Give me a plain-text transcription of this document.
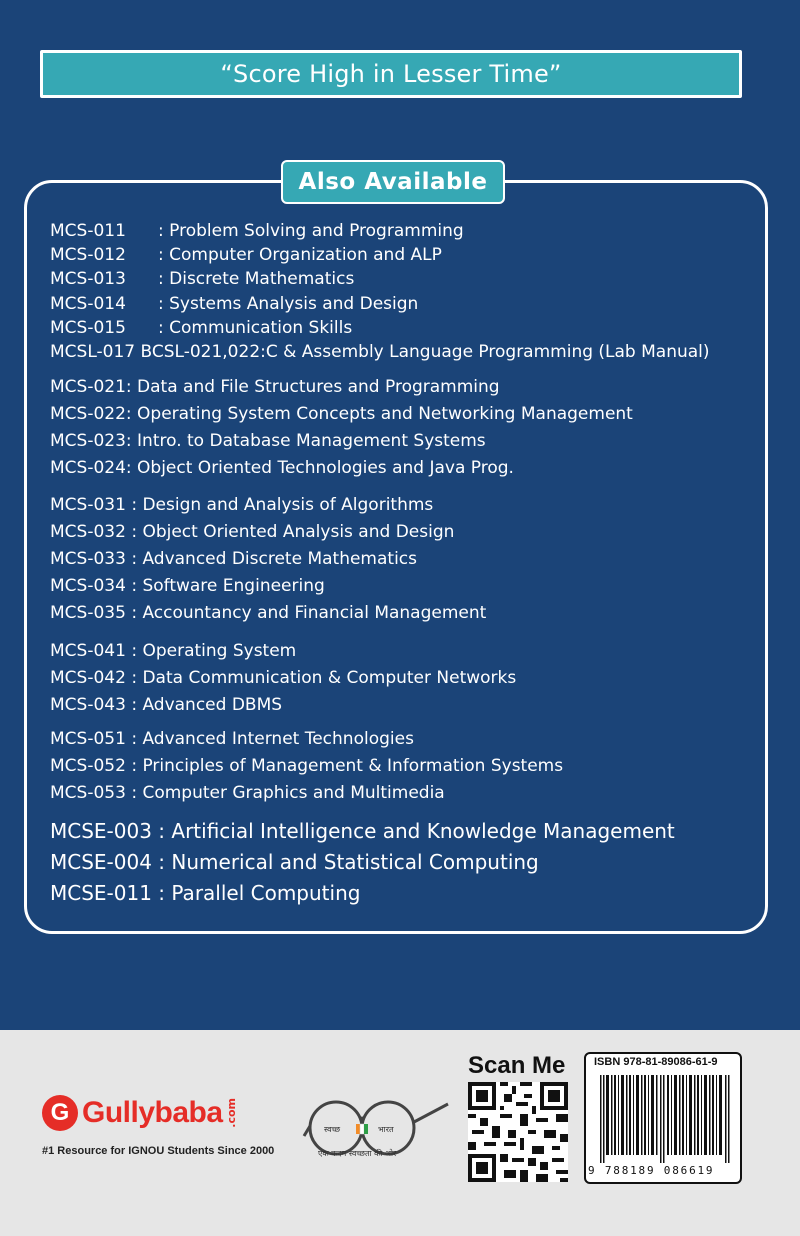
“Score High in Lesser Time”
Also Available
MCS-011 : Problem Solving and Programming
MCS-012 : Computer Organization and ALP
MCS-013 : Discrete Mathematics
MCS-014 : Systems Analysis and Design
MCS-015 : Communication Skills
MCSL-017 BCSL-021,022:C & Assembly Language Programming (Lab Manual)
MCS-021: Data and File Structures and Programming
MCS-022: Operating System Concepts and Networking Management
MCS-023: Intro. to Database Management Systems
MCS-024: Object Oriented Technologies and Java Prog.
MCS-031 : Design and Analysis of Algorithms
MCS-032 : Object Oriented Analysis and Design
MCS-033 : Advanced Discrete Mathematics
MCS-034 : Software Engineering
MCS-035 : Accountancy and Financial Management
MCS-041 : Operating System
MCS-042 : Data Communication & Computer Networks
MCS-043 : Advanced DBMS
MCS-051 : Advanced Internet Technologies
MCS-052 : Principles of Management & Information Systems
MCS-053 : Computer Graphics and Multimedia
MCSE-003 : Artificial Intelligence and Knowledge Management
MCSE-004 : Numerical and Statistical Computing
MCSE-011 : Parallel Computing
G Gullybaba .com
#1 Resource for IGNOU Students Since 2000
स्वच्छ	भारत
एक कदम स्वच्छता की ओर
Scan Me	ISBN 978-81-89086-61-9
9 788189 086619
